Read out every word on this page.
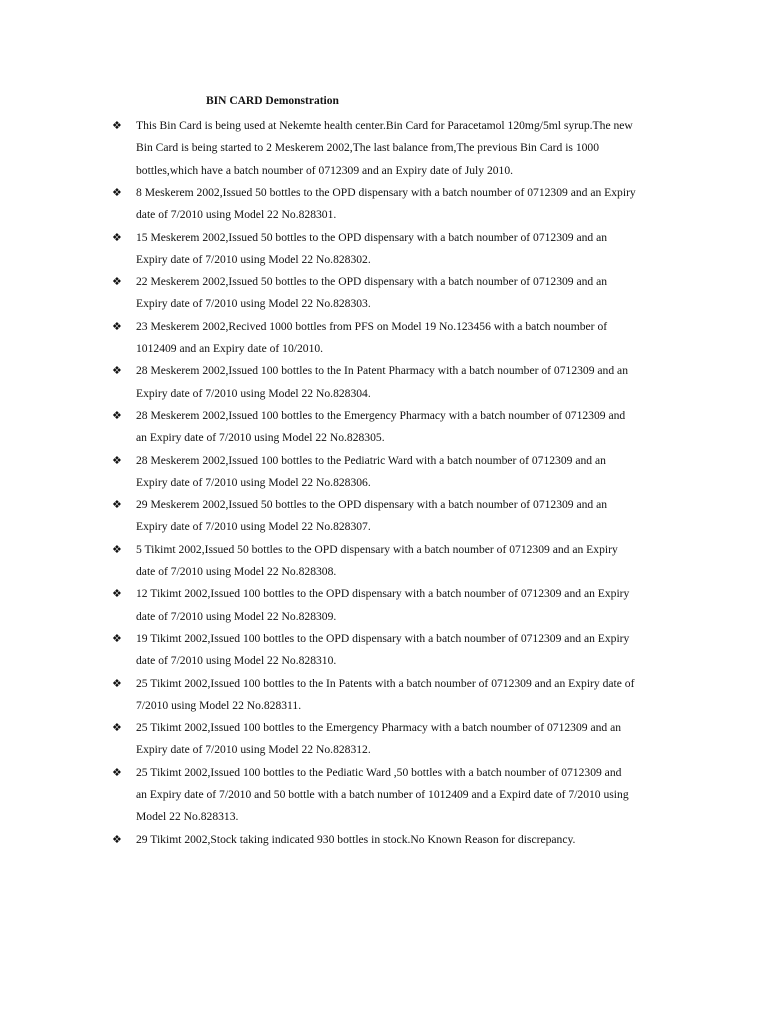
BIN CARD Demonstration
❖	This Bin Card is being used at Nekemte health center.Bin Card for Paracetamol 120mg/5ml syrup.The new
Bin Card is being started to 2 Meskerem 2002,The last balance from,The previous Bin Card is 1000
bottles,which have a batch noumber of 0712309 and an Expiry date of July 2010.
❖	8 Meskerem 2002,Issued 50 bottles to the OPD dispensary with a batch noumber of 0712309 and an Expiry
date of 7/2010 using Model 22 No.828301.
❖	15 Meskerem 2002,Issued 50 bottles to the OPD dispensary with a batch noumber of 0712309 and an
Expiry date of 7/2010 using Model 22 No.828302.
❖	22 Meskerem 2002,Issued 50 bottles to the OPD dispensary with a batch noumber of 0712309 and an
Expiry date of 7/2010 using Model 22 No.828303.
❖	23 Meskerem 2002,Recived 1000 bottles from PFS on Model 19 No.123456 with a batch noumber of
1012409 and an Expiry date of 10/2010.
❖	28 Meskerem 2002,Issued 100 bottles to the In Patent Pharmacy with a batch noumber of 0712309 and an
Expiry date of 7/2010 using Model 22 No.828304.
❖	28 Meskerem 2002,Issued 100 bottles to the Emergency Pharmacy with a batch noumber of 0712309 and
an Expiry date of 7/2010 using Model 22 No.828305.
❖	28 Meskerem 2002,Issued 100 bottles to the Pediatric Ward with a batch noumber of 0712309 and an
Expiry date of 7/2010 using Model 22 No.828306.
❖	29 Meskerem 2002,Issued 50 bottles to the OPD dispensary with a batch noumber of 0712309 and an
Expiry date of 7/2010 using Model 22 No.828307.
❖	5 Tikimt 2002,Issued 50 bottles to the OPD dispensary with a batch noumber of 0712309 and an Expiry
date of 7/2010 using Model 22 No.828308.
❖	12 Tikimt 2002,Issued 100 bottles to the OPD dispensary with a batch noumber of 0712309 and an Expiry
date of 7/2010 using Model 22 No.828309.
❖	19 Tikimt 2002,Issued 100 bottles to the OPD dispensary with a batch noumber of 0712309 and an Expiry
date of 7/2010 using Model 22 No.828310.
❖	25 Tikimt 2002,Issued 100 bottles to the In Patents with a batch noumber of 0712309 and an Expiry date of
7/2010 using Model 22 No.828311.
❖	25 Tikimt 2002,Issued 100 bottles to the Emergency Pharmacy with a batch noumber of 0712309 and an
Expiry date of 7/2010 using Model 22 No.828312.
❖	25 Tikimt 2002,Issued 100 bottles to the Pediatic Ward ,50 bottles with a batch noumber of 0712309 and
an Expiry date of 7/2010 and 50 bottle with a batch number of 1012409 and a Expird date of 7/2010 using
Model 22 No.828313.
❖	29 Tikimt 2002,Stock taking indicated 930 bottles in stock.No Known Reason for discrepancy.
